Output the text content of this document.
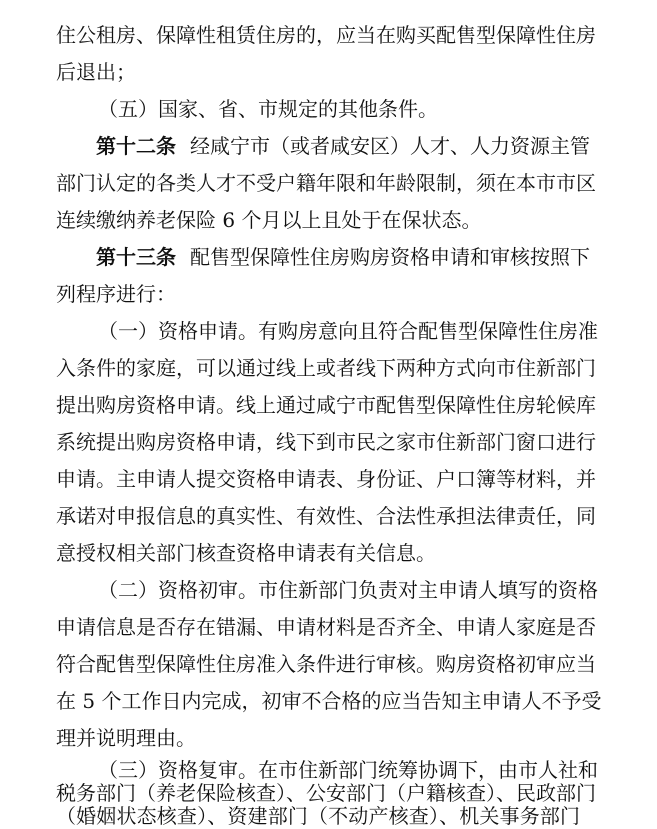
住公租房、保障性租赁住房的，应当在购买配售型保障性住房
后退出；
（五）国家、省、市规定的其他条件。
第十二条 经咸宁市（或者咸安区）人才、人力资源主管
部门认定的各类人才不受户籍年限和年龄限制，须在本市市区
连续缴纳养老保险 6 个月以上且处于在保状态。
第十三条 配售型保障性住房购房资格申请和审核按照下
列程序进行：
（一）资格申请。有购房意向且符合配售型保障性住房准
入条件的家庭，可以通过线上或者线下两种方式向市住新部门
提出购房资格申请。线上通过咸宁市配售型保障性住房轮候库
系统提出购房资格申请，线下到市民之家市住新部门窗口进行
申请。主申请人提交资格申请表、身份证、户口簿等材料，并
承诺对申报信息的真实性、有效性、合法性承担法律责任，同
意授权相关部门核查资格申请表有关信息。
（二）资格初审。市住新部门负责对主申请人填写的资格
申请信息是否存在错漏、申请材料是否齐全、申请人家庭是否
符合配售型保障性住房准入条件进行审核。购房资格初审应当
在 5 个工作日内完成，初审不合格的应当告知主申请人不予受
理并说明理由。
（三）资格复审。在市住新部门统筹协调下，由市人社和
税务部门（养老保险核查）、公安部门（户籍核查）、民政部门
（婚姻状态核查）、资建部门（不动产核查）、机关事务部门
